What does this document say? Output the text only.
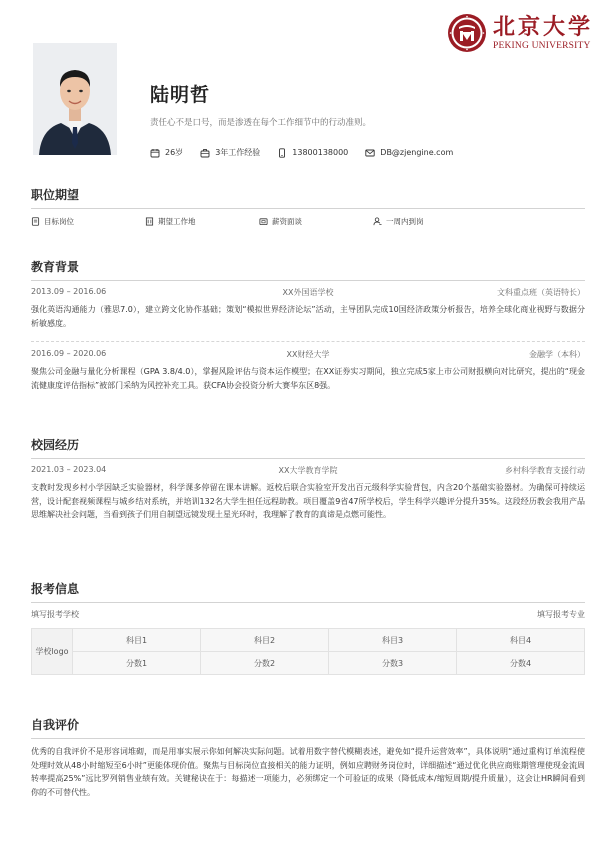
北京大学
PEKING UNIVERSITY
陆明哲
责任心不是口号，而是渗透在每个工作细节中的行动准则。
26岁	3年工作经验	13800138000	DB@zjengine.com
职位期望
目标岗位	期望工作地	薪资面谈	一周内到岗
教育背景
2013.09 – 2016.06	XX外国语学校	文科重点班（英语特长）
强化英语沟通能力（雅思7.0），建立跨文化协作基础；策划“模拟世界经济论坛”活动，主导团队完成10国经济政策分析报告，培养全球化商业视野与数据分析敏感度。
2016.09 – 2020.06	XX财经大学	金融学（本科）
聚焦公司金融与量化分析课程（GPA 3.8/4.0），掌握风险评估与资本运作模型；在XX证券实习期间，独立完成5家上市公司财报横向对比研究，提出的“现金流健康度评估指标”被部门采纳为风控补充工具。获CFA协会投资分析大赛华东区8强。
校园经历
2021.03 – 2023.04	XX大学教育学院	乡村科学教育支援行动
支教时发现乡村小学因缺乏实验器材，科学课多停留在课本讲解。返校后联合实验室开发出百元级科学实验背包，内含20个基础实验器材。为确保可持续运营，设计配套视频课程与城乡结对系统，并培训132名大学生担任远程助教。项目覆盖9省47所学校后，学生科学兴趣评分提升35%。这段经历教会我用产品思维解决社会问题，当看到孩子们用自制望远镜发现土星光环时，我理解了教育的真谛是点燃可能性。
报考信息
填写报考学校	填写报考专业
学校logo	科目1	科目2	科目3	科目4
	分数1	分数2	分数3	分数4
自我评价
优秀的自我评价不是形容词堆砌，而是用事实展示你如何解决实际问题。试着用数字替代模糊表述，避免如“提升运营效率”，具体说明“通过重构订单流程使处理时效从48小时缩短至6小时”更能体现价值。聚焦与目标岗位直接相关的能力证明，例如应聘财务岗位时，详细描述“通过优化供应商账期管理使现金流周转率提高25%”远比罗列销售业绩有效。关键秘诀在于：每描述一项能力，必须绑定一个可验证的成果（降低成本/缩短周期/提升质量），这会让HR瞬间看到你的不可替代性。
